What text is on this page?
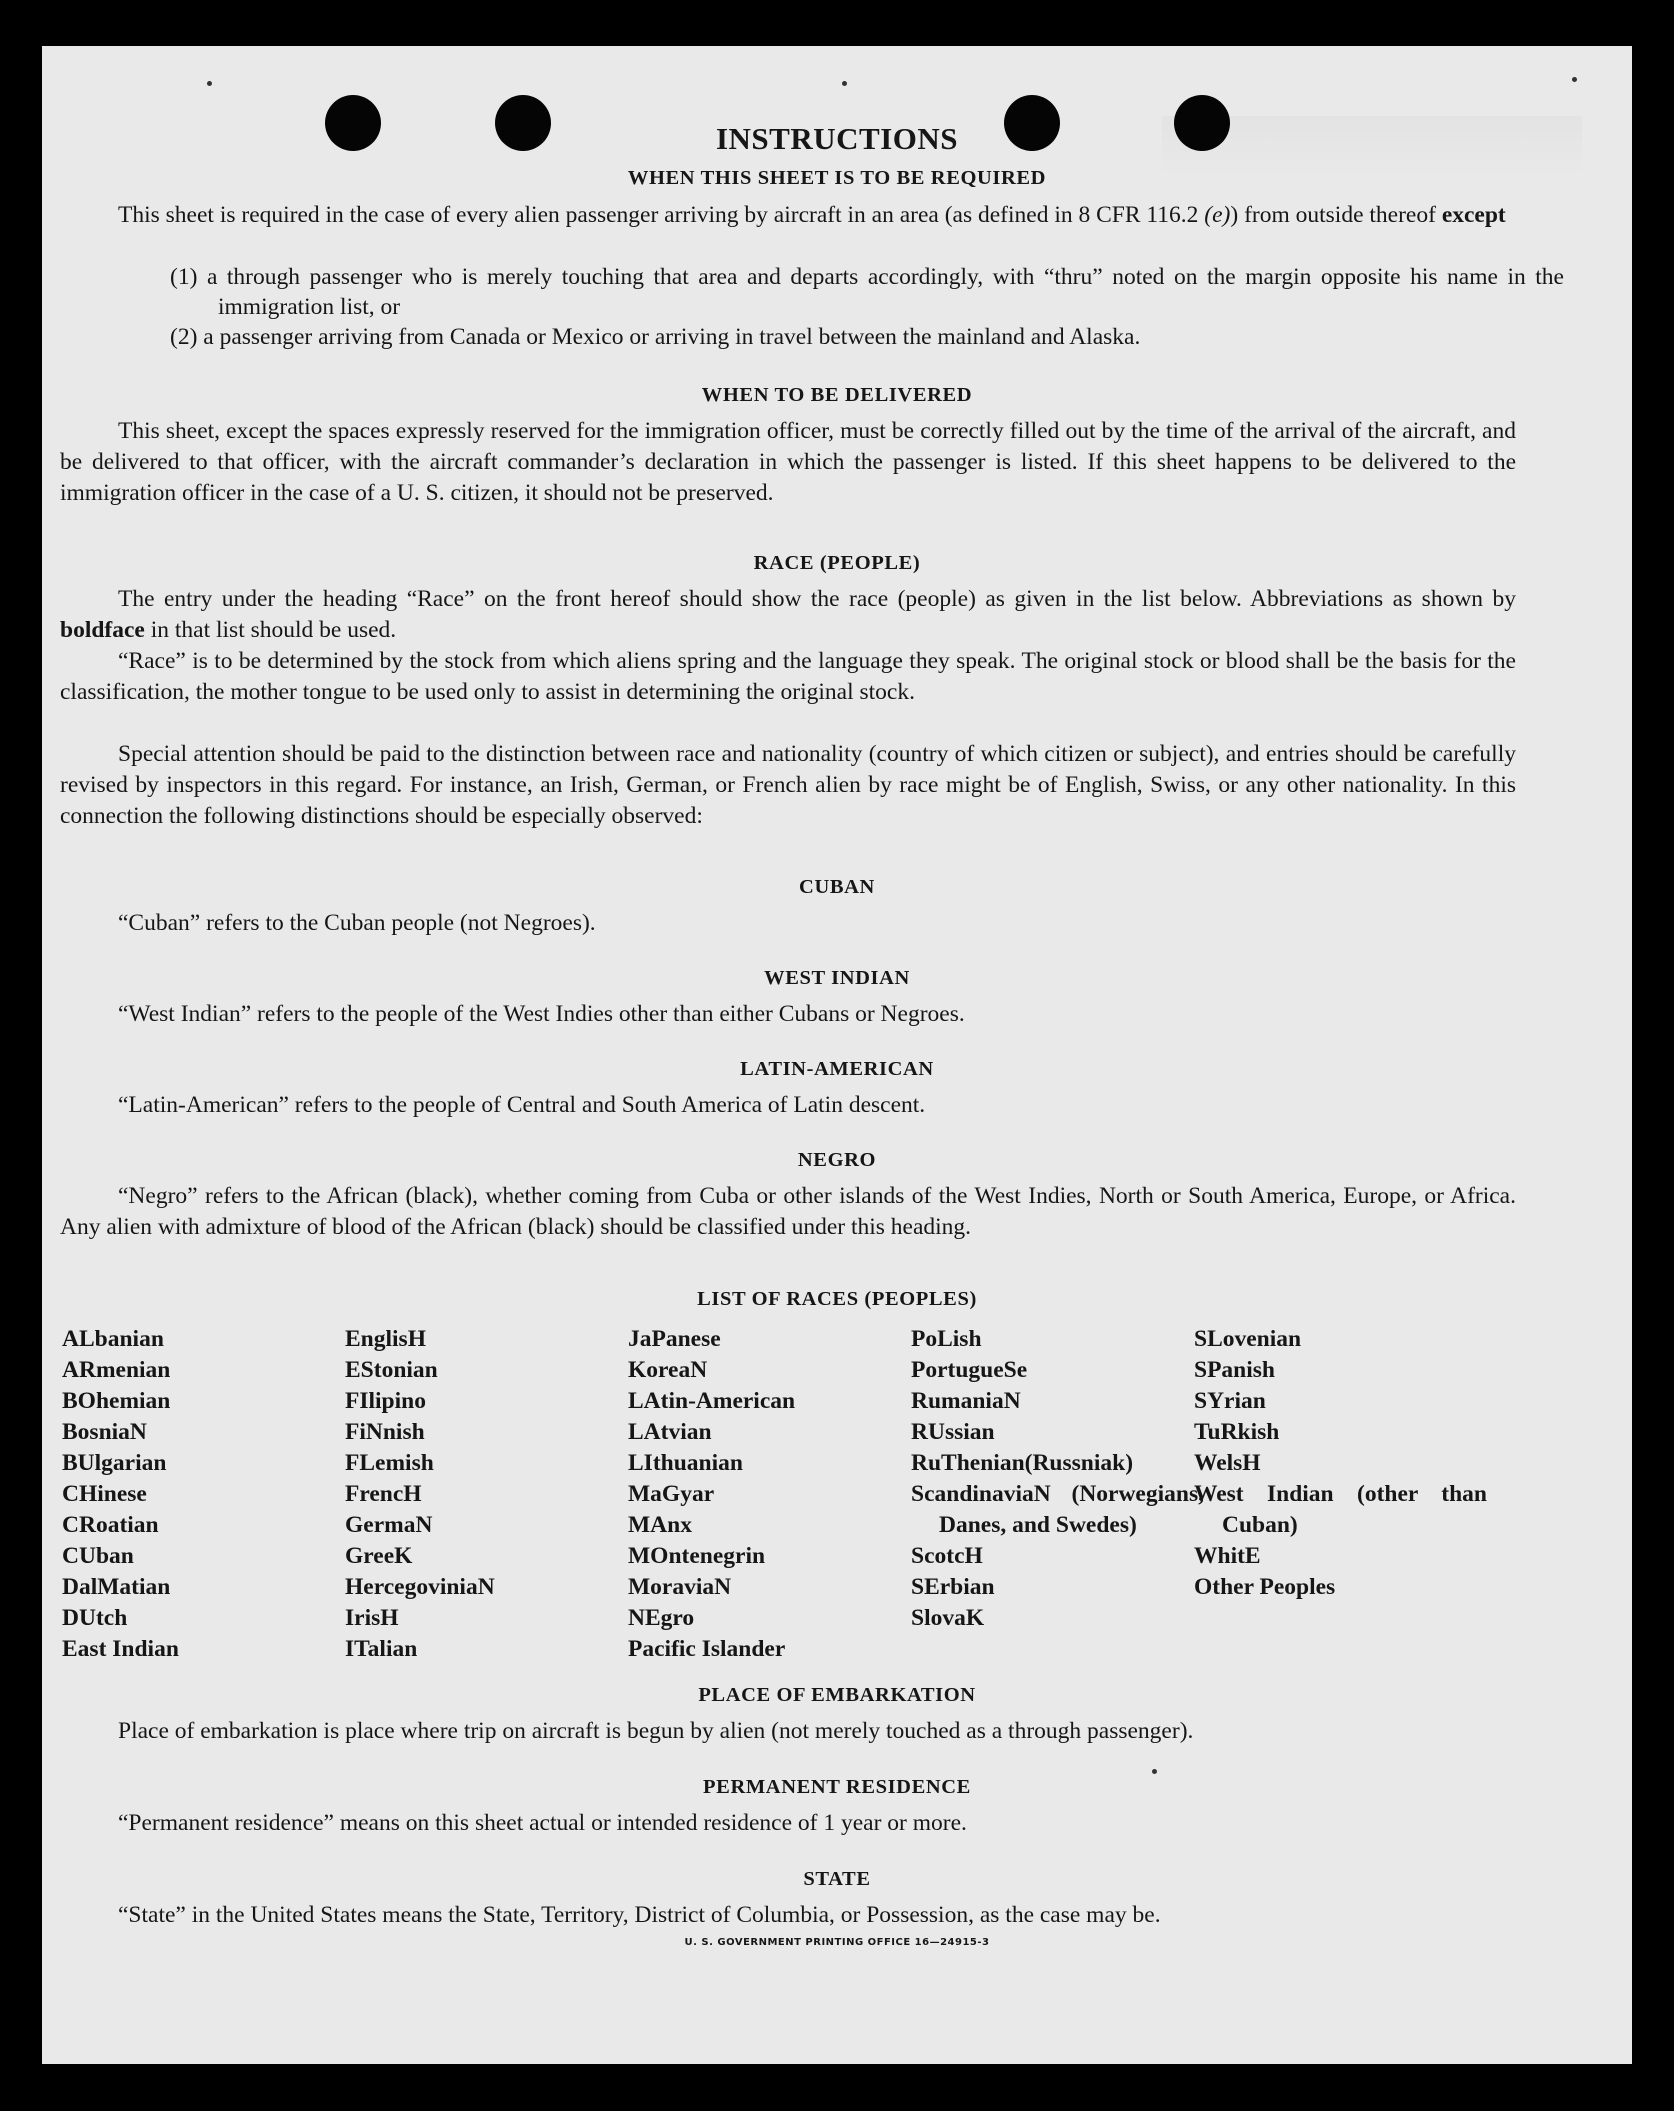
INSTRUCTIONS
WHEN THIS SHEET IS TO BE REQUIRED
This sheet is required in the case of every alien passenger arriving by aircraft in an area (as defined in 8 CFR 116.2 (e)) from outside thereof except
(1) a through passenger who is merely touching that area and departs accordingly, with “thru” noted on the margin opposite his name in the immigration list, or
(2) a passenger arriving from Canada or Mexico or arriving in travel between the mainland and Alaska.
WHEN TO BE DELIVERED
This sheet, except the spaces expressly reserved for the immigration officer, must be correctly filled out by the time of the arrival of the aircraft, and be delivered to that officer, with the aircraft commander’s declaration in which the passenger is listed. If this sheet happens to be delivered to the immigration officer in the case of a U. S. citizen, it should not be preserved.
RACE (PEOPLE)
The entry under the heading “Race” on the front hereof should show the race (people) as given in the list below. Abbreviations as shown by boldface in that list should be used.
“Race” is to be determined by the stock from which aliens spring and the language they speak. The original stock or blood shall be the basis for the classification, the mother tongue to be used only to assist in determining the original stock.
Special attention should be paid to the distinction between race and nationality (country of which citizen or subject), and entries should be carefully revised by inspectors in this regard. For instance, an Irish, German, or French alien by race might be of English, Swiss, or any other nationality. In this connection the following distinctions should be especially observed:
CUBAN
“Cuban” refers to the Cuban people (not Negroes).
WEST INDIAN
“West Indian” refers to the people of the West Indies other than either Cubans or Negroes.
LATIN-AMERICAN
“Latin-American” refers to the people of Central and South America of Latin descent.
NEGRO
“Negro” refers to the African (black), whether coming from Cuba or other islands of the West Indies, North or South America, Europe, or Africa. Any alien with admixture of blood of the African (black) should be classified under this heading.
LIST OF RACES (PEOPLES)
ALbanian
ARmenian
BOhemian
BosniaN
BUlgarian
CHinese
CRoatian
CUban
DalMatian
DUtch
East Indian
EnglisH
EStonian
FIlipino
FiNnish
FLemish
FrencH
GermaN
GreeK
HercegoviniaN
IrisH
ITalian
JaPanese
KoreaN
LAtin-American
LAtvian
LIthuanian
MaGyar
MAnx
MOntenegrin
MoraviaN
NEgro
Pacific Islander
PoLish
PortugueSe
RumaniaN
RUssian
RuThenian(Russniak)
ScandinaviaN (Norwegians, Danes, and Swedes)
ScotcH
SErbian
SlovaK
SLovenian
SPanish
SYrian
TuRkish
WelsH
West Indian (other than Cuban)
WhitE
Other Peoples
PLACE OF EMBARKATION
Place of embarkation is place where trip on aircraft is begun by alien (not merely touched as a through passenger).
PERMANENT RESIDENCE
“Permanent residence” means on this sheet actual or intended residence of 1 year or more.
STATE
“State” in the United States means the State, Territory, District of Columbia, or Possession, as the case may be.
U. S. GOVERNMENT PRINTING OFFICE 16—24915-3
